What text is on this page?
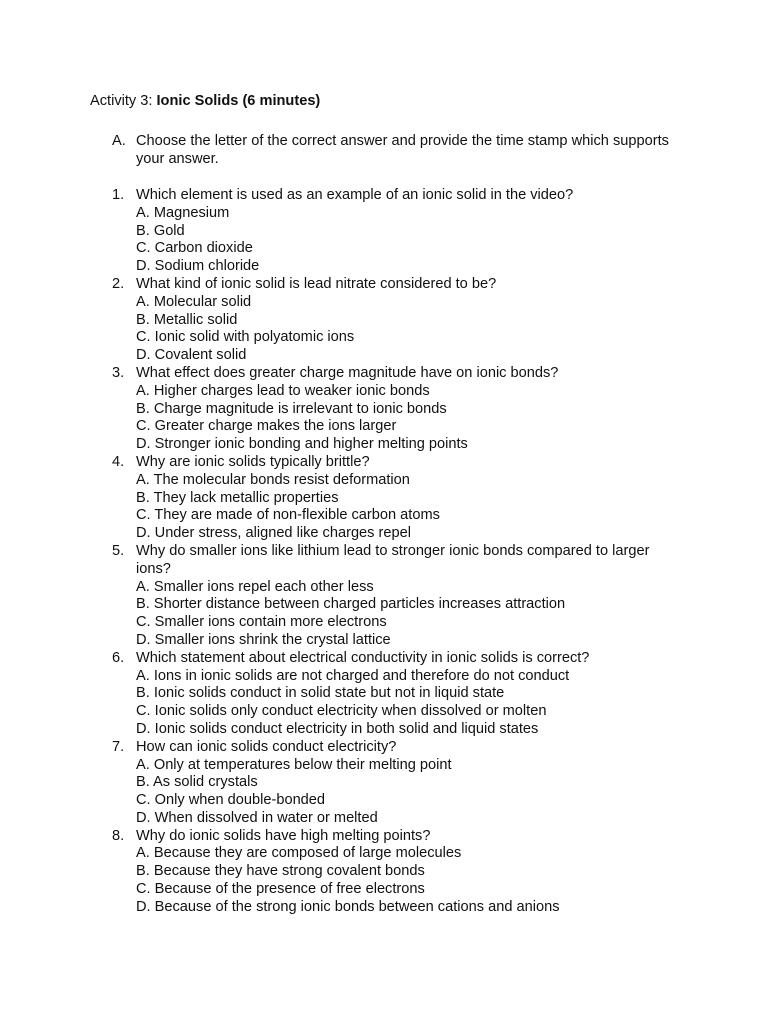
Activity 3: Ionic Solids (6 minutes)
A. Choose the letter of the correct answer and provide the time stamp which supports your answer.
1. Which element is used as an example of an ionic solid in the video?
A. Magnesium
B. Gold
C. Carbon dioxide
D. Sodium chloride
2. What kind of ionic solid is lead nitrate considered to be?
A. Molecular solid
B. Metallic solid
C. Ionic solid with polyatomic ions
D. Covalent solid
3. What effect does greater charge magnitude have on ionic bonds?
A. Higher charges lead to weaker ionic bonds
B. Charge magnitude is irrelevant to ionic bonds
C. Greater charge makes the ions larger
D. Stronger ionic bonding and higher melting points
4. Why are ionic solids typically brittle?
A. The molecular bonds resist deformation
B. They lack metallic properties
C. They are made of non-flexible carbon atoms
D. Under stress, aligned like charges repel
5. Why do smaller ions like lithium lead to stronger ionic bonds compared to larger ions?
A. Smaller ions repel each other less
B. Shorter distance between charged particles increases attraction
C. Smaller ions contain more electrons
D. Smaller ions shrink the crystal lattice
6. Which statement about electrical conductivity in ionic solids is correct?
A. Ions in ionic solids are not charged and therefore do not conduct
B. Ionic solids conduct in solid state but not in liquid state
C. Ionic solids only conduct electricity when dissolved or molten
D. Ionic solids conduct electricity in both solid and liquid states
7. How can ionic solids conduct electricity?
A. Only at temperatures below their melting point
B. As solid crystals
C. Only when double-bonded
D. When dissolved in water or melted
8. Why do ionic solids have high melting points?
A. Because they are composed of large molecules
B. Because they have strong covalent bonds
C. Because of the presence of free electrons
D. Because of the strong ionic bonds between cations and anions
